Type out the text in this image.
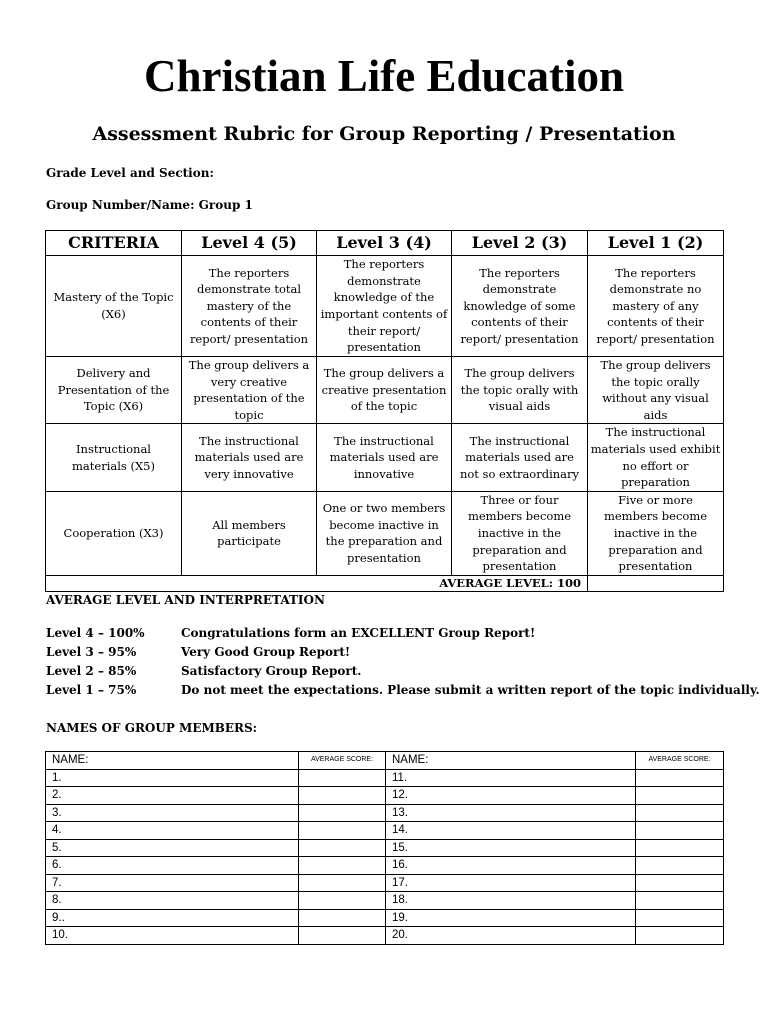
Christian Life Education
Assessment Rubric for Group Reporting / Presentation
Grade Level and Section:
Group Number/Name: Group 1
CRITERIA	Level 4 (5)	Level 3 (4)	Level 2 (3)	Level 1 (2)
Mastery of the Topic (X6)	The reporters demonstrate total mastery of the contents of their report/ presentation	The reporters demonstrate knowledge of the important contents of their report/ presentation	The reporters demonstrate knowledge of some contents of their report/ presentation	The reporters demonstrate no mastery of any contents of their report/ presentation
Delivery and Presentation of the Topic (X6)	The group delivers a very creative presentation of the topic	The group delivers a creative presentation of the topic	The group delivers the topic orally with visual aids	The group delivers the topic orally without any visual aids
Instructional materials (X5)	The instructional materials used are very innovative	The instructional materials used are innovative	The instructional materials used are not so extraordinary	The instructional materials used exhibit no effort or preparation
Cooperation (X3)	All members participate	One or two members become inactive in the preparation and presentation	Three or four members become inactive in the preparation and presentation	Five or more members become inactive in the preparation and presentation
AVERAGE LEVEL: 100				
AVERAGE LEVEL AND INTERPRETATION
Level 4 – 100%	Congratulations form an EXCELLENT Group Report!
Level 3 – 95%	Very Good Group Report!
Level 2 – 85%	Satisfactory Group Report.
Level 1 – 75%	Do not meet the expectations. Please submit a written report of the topic individually.
NAMES OF GROUP MEMBERS:
NAME:	AVERAGE SCORE:	NAME:	AVERAGE SCORE:
1.		11.	
2.		12.	
3.		13.	
4.		14.	
5.		15.	
6.		16.	
7.		17.	
8.		18.	
9..		19.	
10.		20.	
